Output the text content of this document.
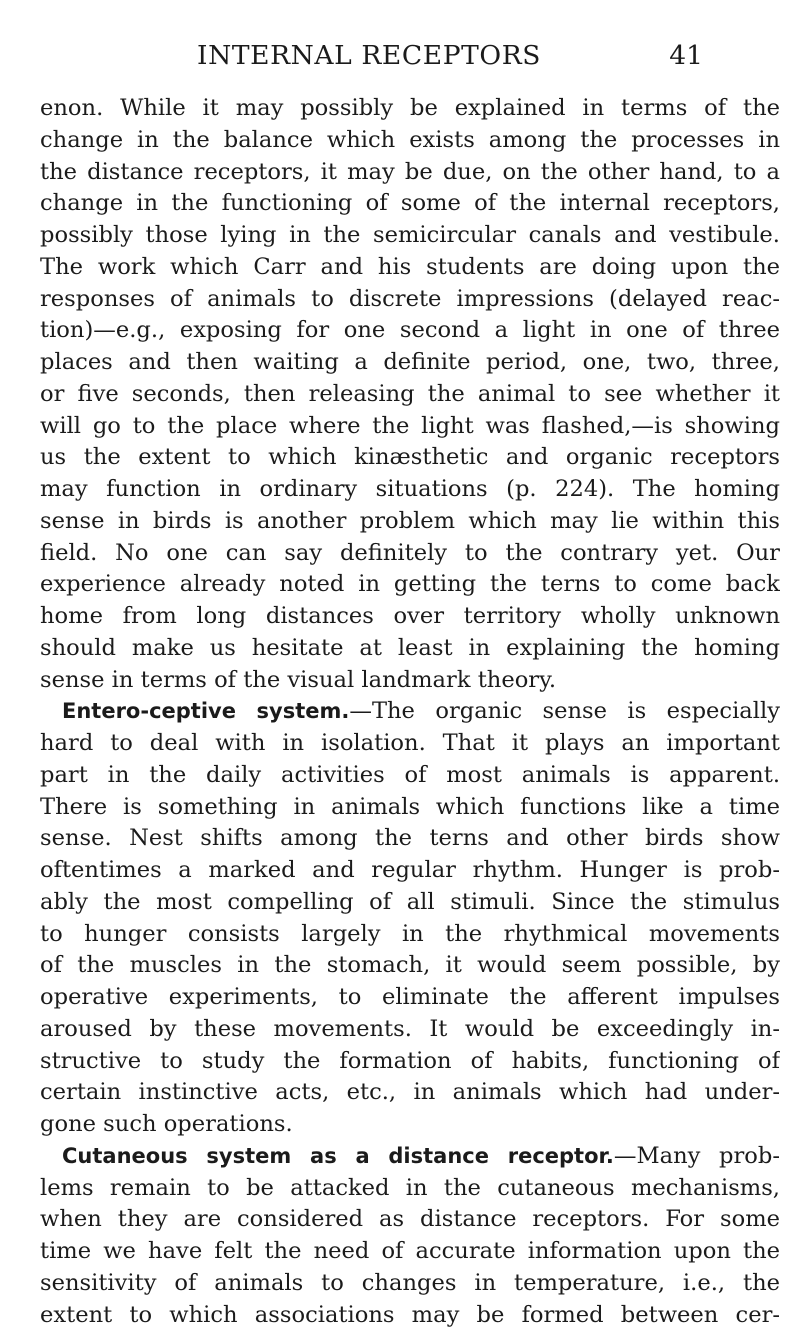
INTERNAL RECEPTORS	41
enon. While it may possibly be explained in terms of the
change in the balance which exists among the processes in
the distance receptors, it may be due, on the other hand, to a
change in the functioning of some of the internal receptors,
possibly those lying in the semicircular canals and vestibule.
The work which Carr and his students are doing upon the
responses of animals to discrete impressions (delayed reac-
tion)—e.g., exposing for one second a light in one of three
places and then waiting a definite period, one, two, three,
or five seconds, then releasing the animal to see whether it
will go to the place where the light was flashed,—is showing
us the extent to which kinæsthetic and organic receptors
may function in ordinary situations (p. 224). The homing
sense in birds is another problem which may lie within this
field. No one can say definitely to the contrary yet. Our
experience already noted in getting the terns to come back
home from long distances over territory wholly unknown
should make us hesitate at least in explaining the homing
sense in terms of the visual landmark theory.
Entero-ceptive system.—The organic sense is especially
hard to deal with in isolation. That it plays an important
part in the daily activities of most animals is apparent.
There is something in animals which functions like a time
sense. Nest shifts among the terns and other birds show
oftentimes a marked and regular rhythm. Hunger is prob-
ably the most compelling of all stimuli. Since the stimulus
to hunger consists largely in the rhythmical movements
of the muscles in the stomach, it would seem possible, by
operative experiments, to eliminate the afferent impulses
aroused by these movements. It would be exceedingly in-
structive to study the formation of habits, functioning of
certain instinctive acts, etc., in animals which had under-
gone such operations.
Cutaneous system as a distance receptor.—Many prob-
lems remain to be attacked in the cutaneous mechanisms,
when they are considered as distance receptors. For some
time we have felt the need of accurate information upon the
sensitivity of animals to changes in temperature, i.e., the
extent to which associations may be formed between cer-
